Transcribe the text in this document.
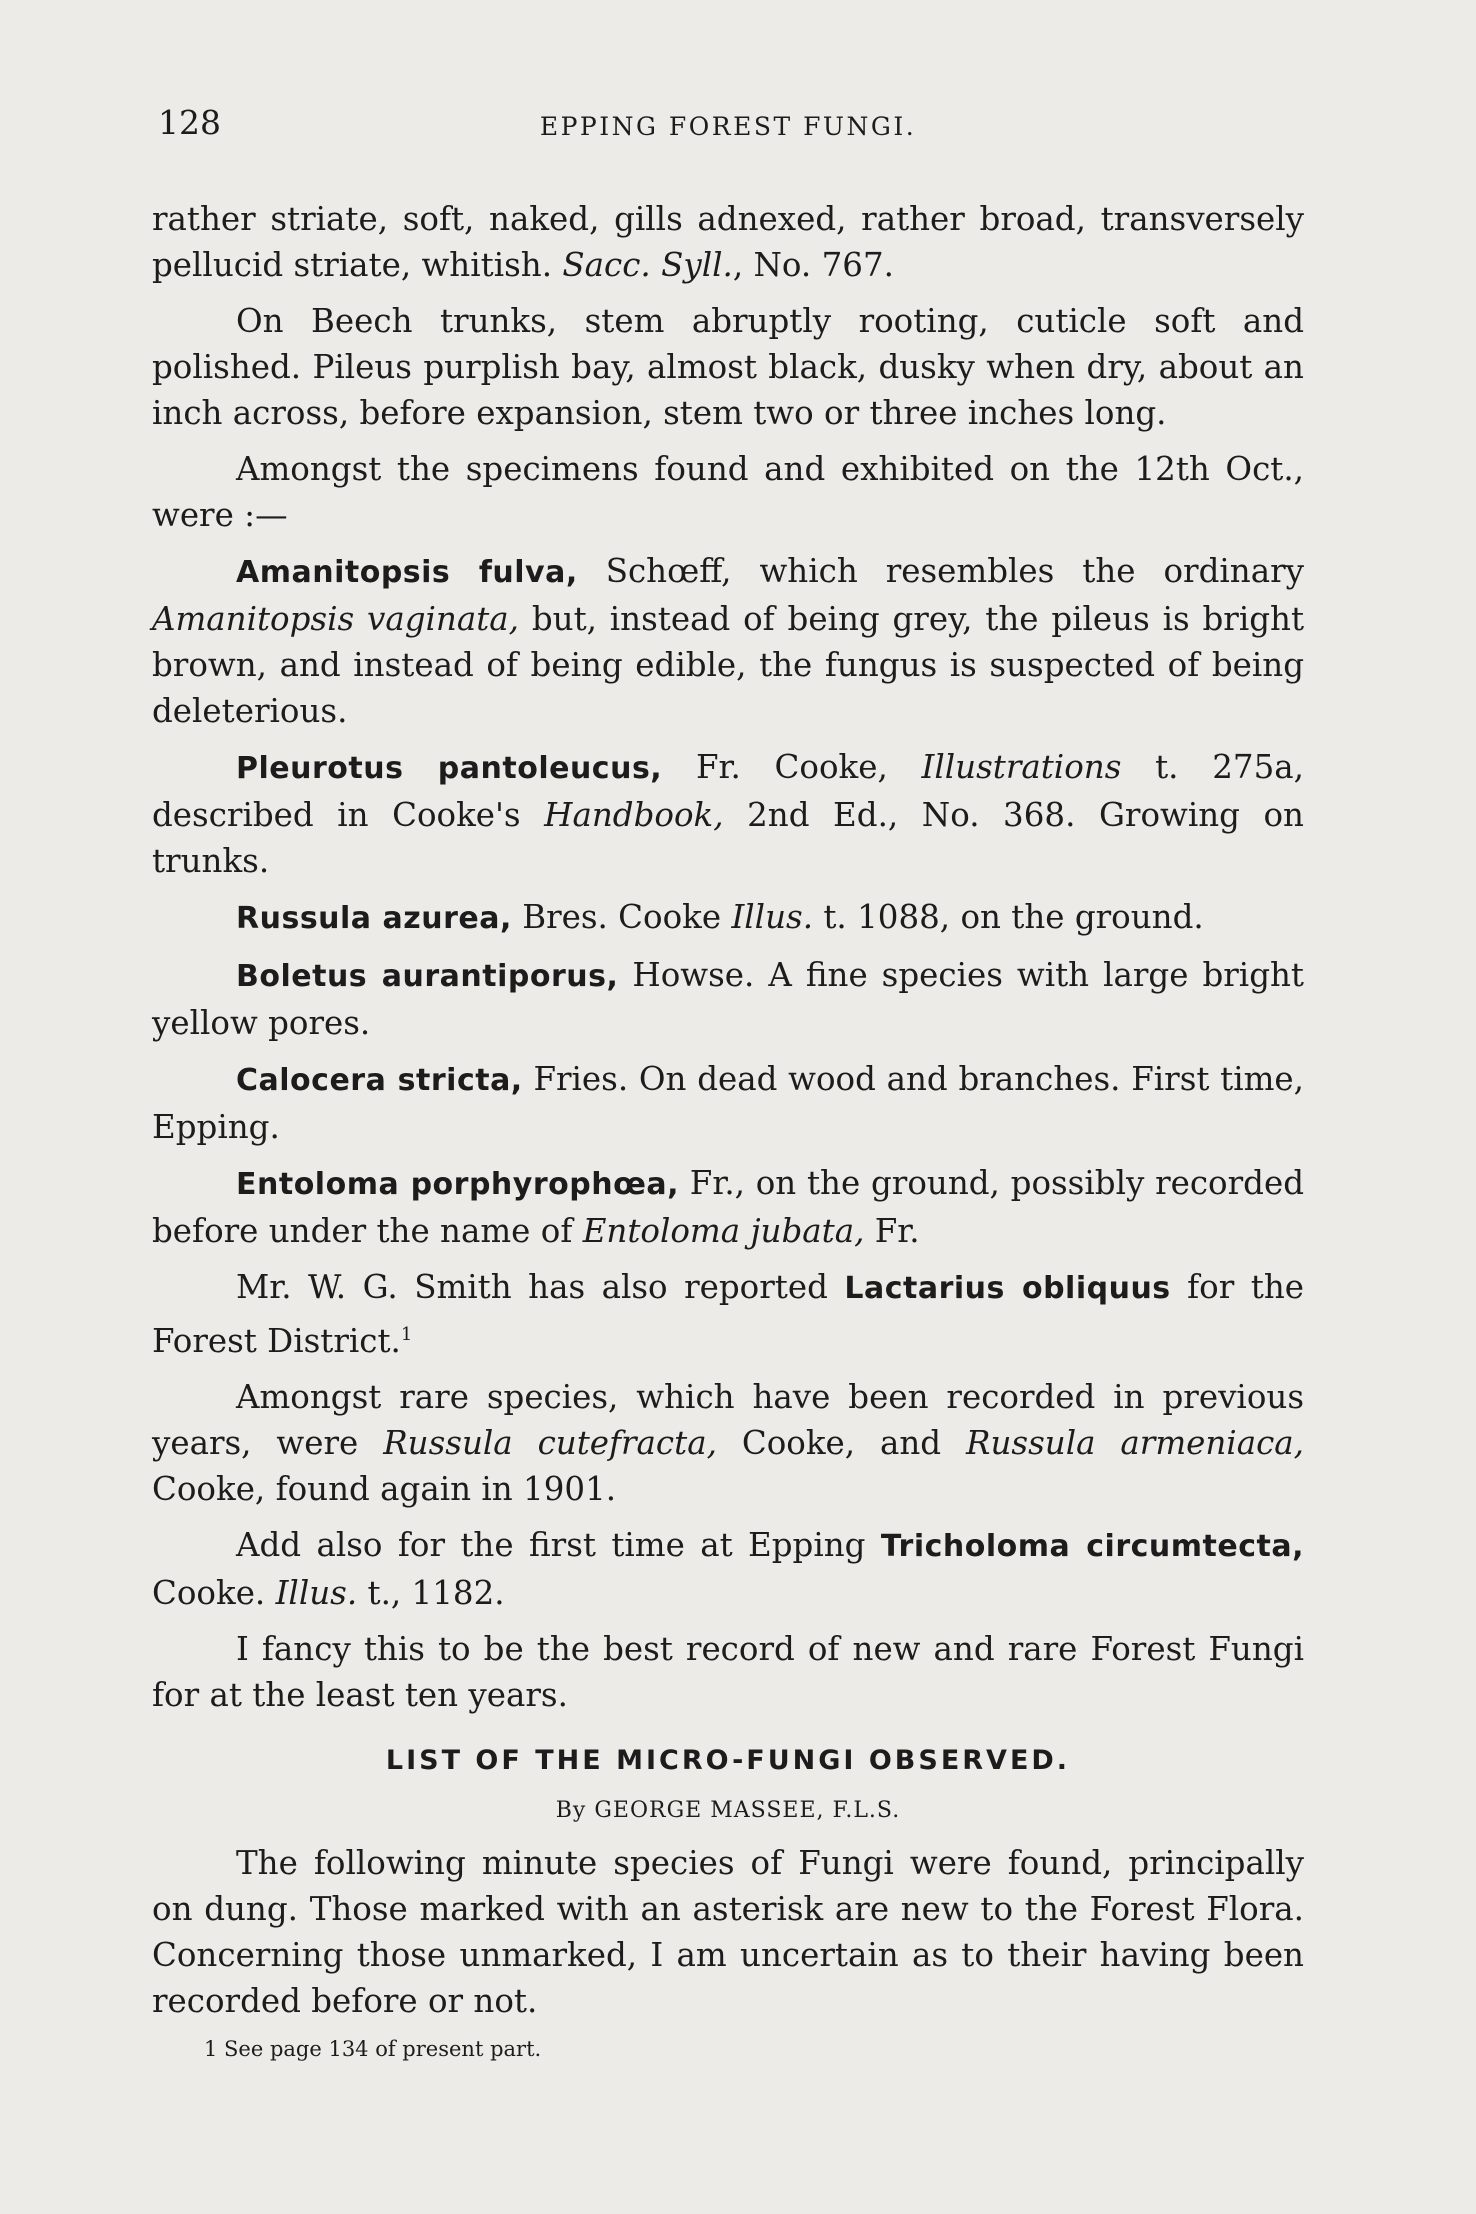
128	EPPING FOREST FUNGI.

rather striate, soft, naked, gills adnexed, rather broad, transversely pellucid striate, whitish. Sacc. Syll., No. 767.

On Beech trunks, stem abruptly rooting, cuticle soft and polished. Pileus purplish bay, almost black, dusky when dry, about an inch across, before expansion, stem two or three inches long.

Amongst the specimens found and exhibited on the 12th Oct., were :—

Amanitopsis fulva, Schœff, which resembles the ordinary Amanitopsis vaginata, but, instead of being grey, the pileus is bright brown, and instead of being edible, the fungus is suspected of being deleterious.

Pleurotus pantoleucus, Fr. Cooke, Illustrations t. 275a, described in Cooke's Handbook, 2nd Ed., No. 368. Growing on trunks.

Russula azurea, Bres. Cooke Illus. t. 1088, on the ground.

Boletus aurantiporus, Howse. A fine species with large bright yellow pores.

Calocera stricta, Fries. On dead wood and branches. First time, Epping.

Entoloma porphyrophœa, Fr., on the ground, possibly recorded before under the name of Entoloma jubata, Fr.

Mr. W. G. Smith has also reported Lactarius obliquus for the Forest District.$^1$

Amongst rare species, which have been recorded in previous years, were Russula cutefracta, Cooke, and Russula armeniaca, Cooke, found again in 1901.

Add also for the first time at Epping Tricholoma circumtecta, Cooke. Illus. t., 1182.

I fancy this to be the best record of new and rare Forest Fungi for at the least ten years.

LIST OF THE MICRO-FUNGI OBSERVED.
By GEORGE MASSEE, F.L.S.

The following minute species of Fungi were found, principally on dung. Those marked with an asterisk are new to the Forest Flora. Concerning those unmarked, I am uncertain as to their having been recorded before or not.

1 See page 134 of present part.
